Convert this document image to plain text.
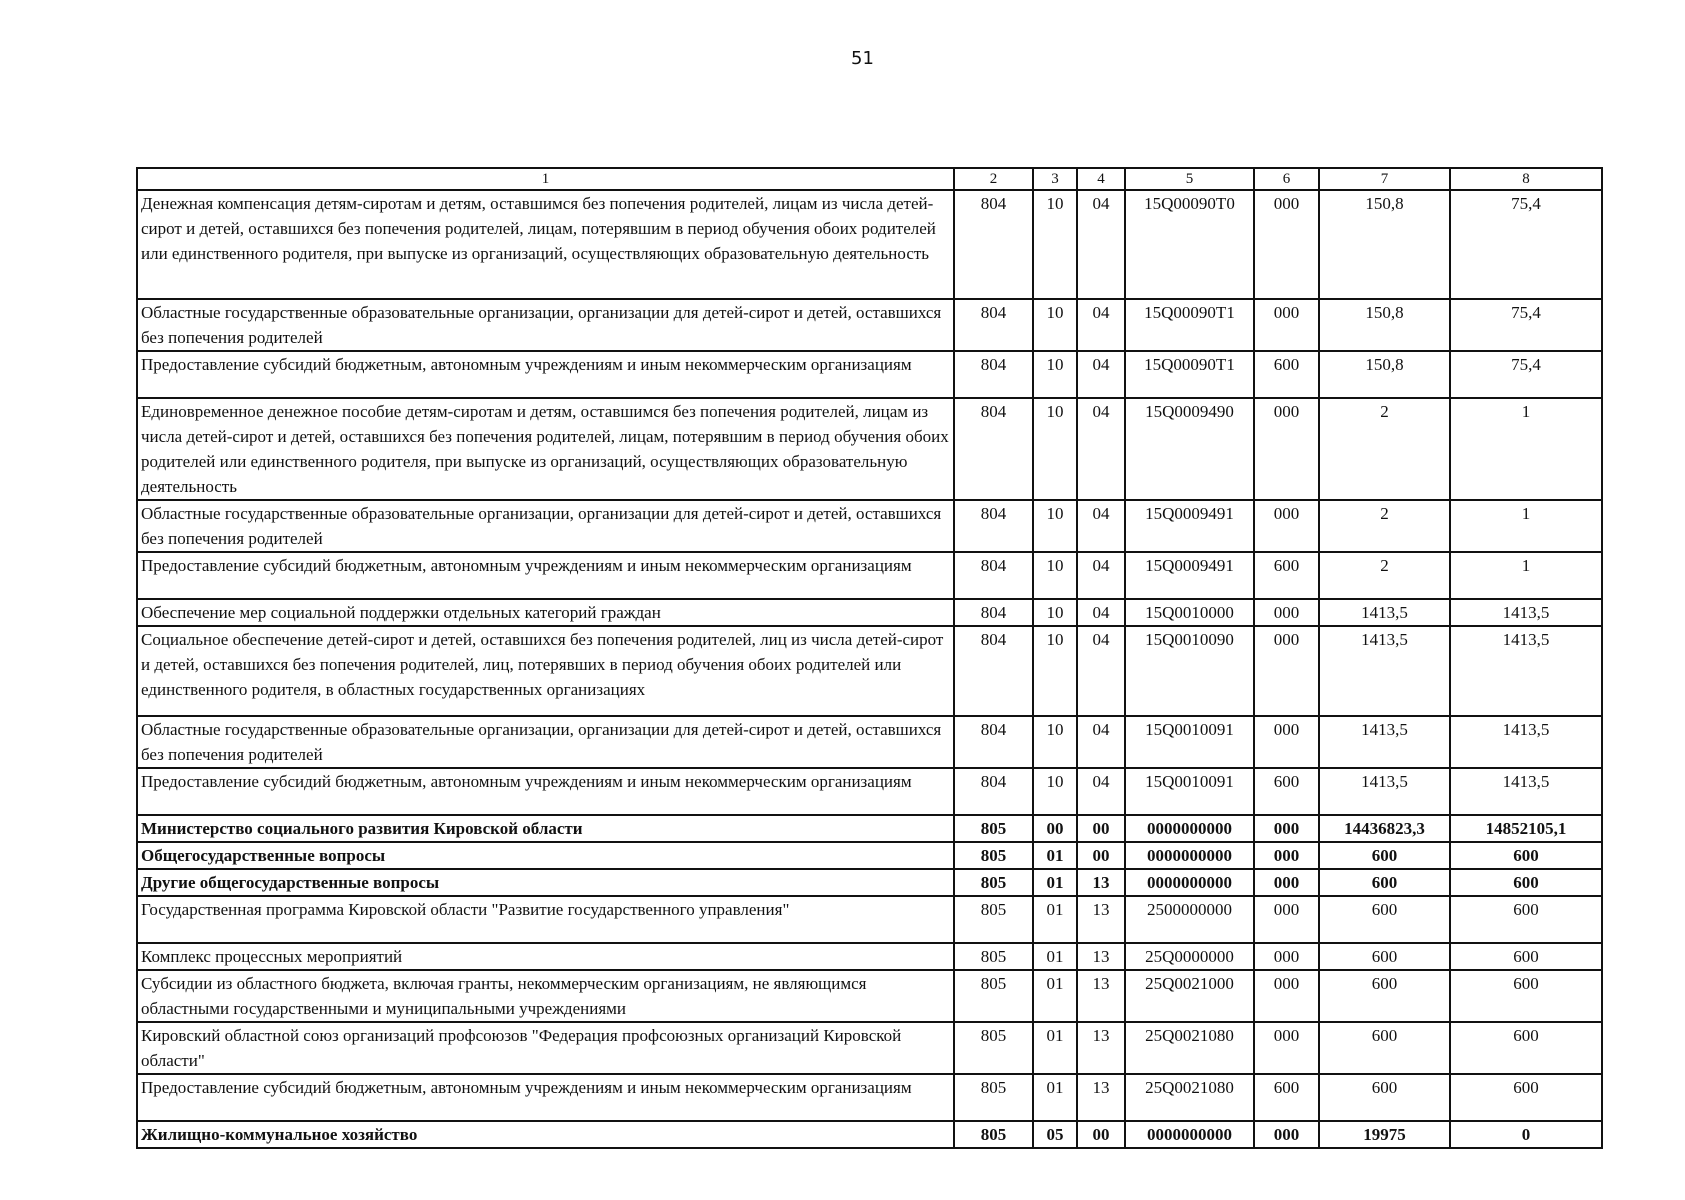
51
1	2	3	4	5	6	7	8
Денежная компенсация детям-сиротам и детям, оставшимся без попечения родителей, лицам из числа детей-сирот и детей, оставшихся без попечения родителей, лицам, потерявшим в период обучения обоих родителей или единственного родителя, при выпуске из организаций, осуществляющих образовательную деятельность	804	10	04	15Q00090T0	000	150,8	75,4
Областные государственные образовательные организации, организации для детей-сирот и детей, оставшихся без попечения родителей	804	10	04	15Q00090T1	000	150,8	75,4
Предоставление субсидий бюджетным, автономным учреждениям и иным некоммерческим организациям	804	10	04	15Q00090T1	600	150,8	75,4
Единовременное денежное пособие детям-сиротам и детям, оставшимся без попечения родителей, лицам из числа детей-сирот и детей, оставшихся без попечения родителей, лицам, потерявшим в период обучения обоих родителей или единственного родителя, при выпуске из организаций, осуществляющих образовательную деятельность	804	10	04	15Q0009490	000	2	1
Областные государственные образовательные организации, организации для детей-сирот и детей, оставшихся без попечения родителей	804	10	04	15Q0009491	000	2	1
Предоставление субсидий бюджетным, автономным учреждениям и иным некоммерческим организациям	804	10	04	15Q0009491	600	2	1
Обеспечение мер социальной поддержки отдельных категорий граждан	804	10	04	15Q0010000	000	1413,5	1413,5
Социальное обеспечение детей-сирот и детей, оставшихся без попечения родителей, лиц из числа детей-сирот и детей, оставшихся без попечения родителей, лиц, потерявших в период обучения обоих родителей или единственного родителя, в областных государственных организациях	804	10	04	15Q0010090	000	1413,5	1413,5
Областные государственные образовательные организации, организации для детей-сирот и детей, оставшихся без попечения родителей	804	10	04	15Q0010091	000	1413,5	1413,5
Предоставление субсидий бюджетным, автономным учреждениям и иным некоммерческим организациям	804	10	04	15Q0010091	600	1413,5	1413,5
Министерство социального развития Кировской области	805	00	00	0000000000	000	14436823,3	14852105,1
Общегосударственные вопросы	805	01	00	0000000000	000	600	600
Другие общегосударственные вопросы	805	01	13	0000000000	000	600	600
Государственная программа Кировской области "Развитие государственного управления"	805	01	13	2500000000	000	600	600
Комплекс процессных мероприятий	805	01	13	25Q0000000	000	600	600
Субсидии из областного бюджета, включая гранты, некоммерческим организациям, не являющимся областными государственными и муниципальными учреждениями	805	01	13	25Q0021000	000	600	600
Кировский областной союз организаций профсоюзов "Федерация профсоюзных организаций Кировской области"	805	01	13	25Q0021080	000	600	600
Предоставление субсидий бюджетным, автономным учреждениям и иным некоммерческим организациям	805	01	13	25Q0021080	600	600	600
Жилищно-коммунальное хозяйство	805	05	00	0000000000	000	19975	0
